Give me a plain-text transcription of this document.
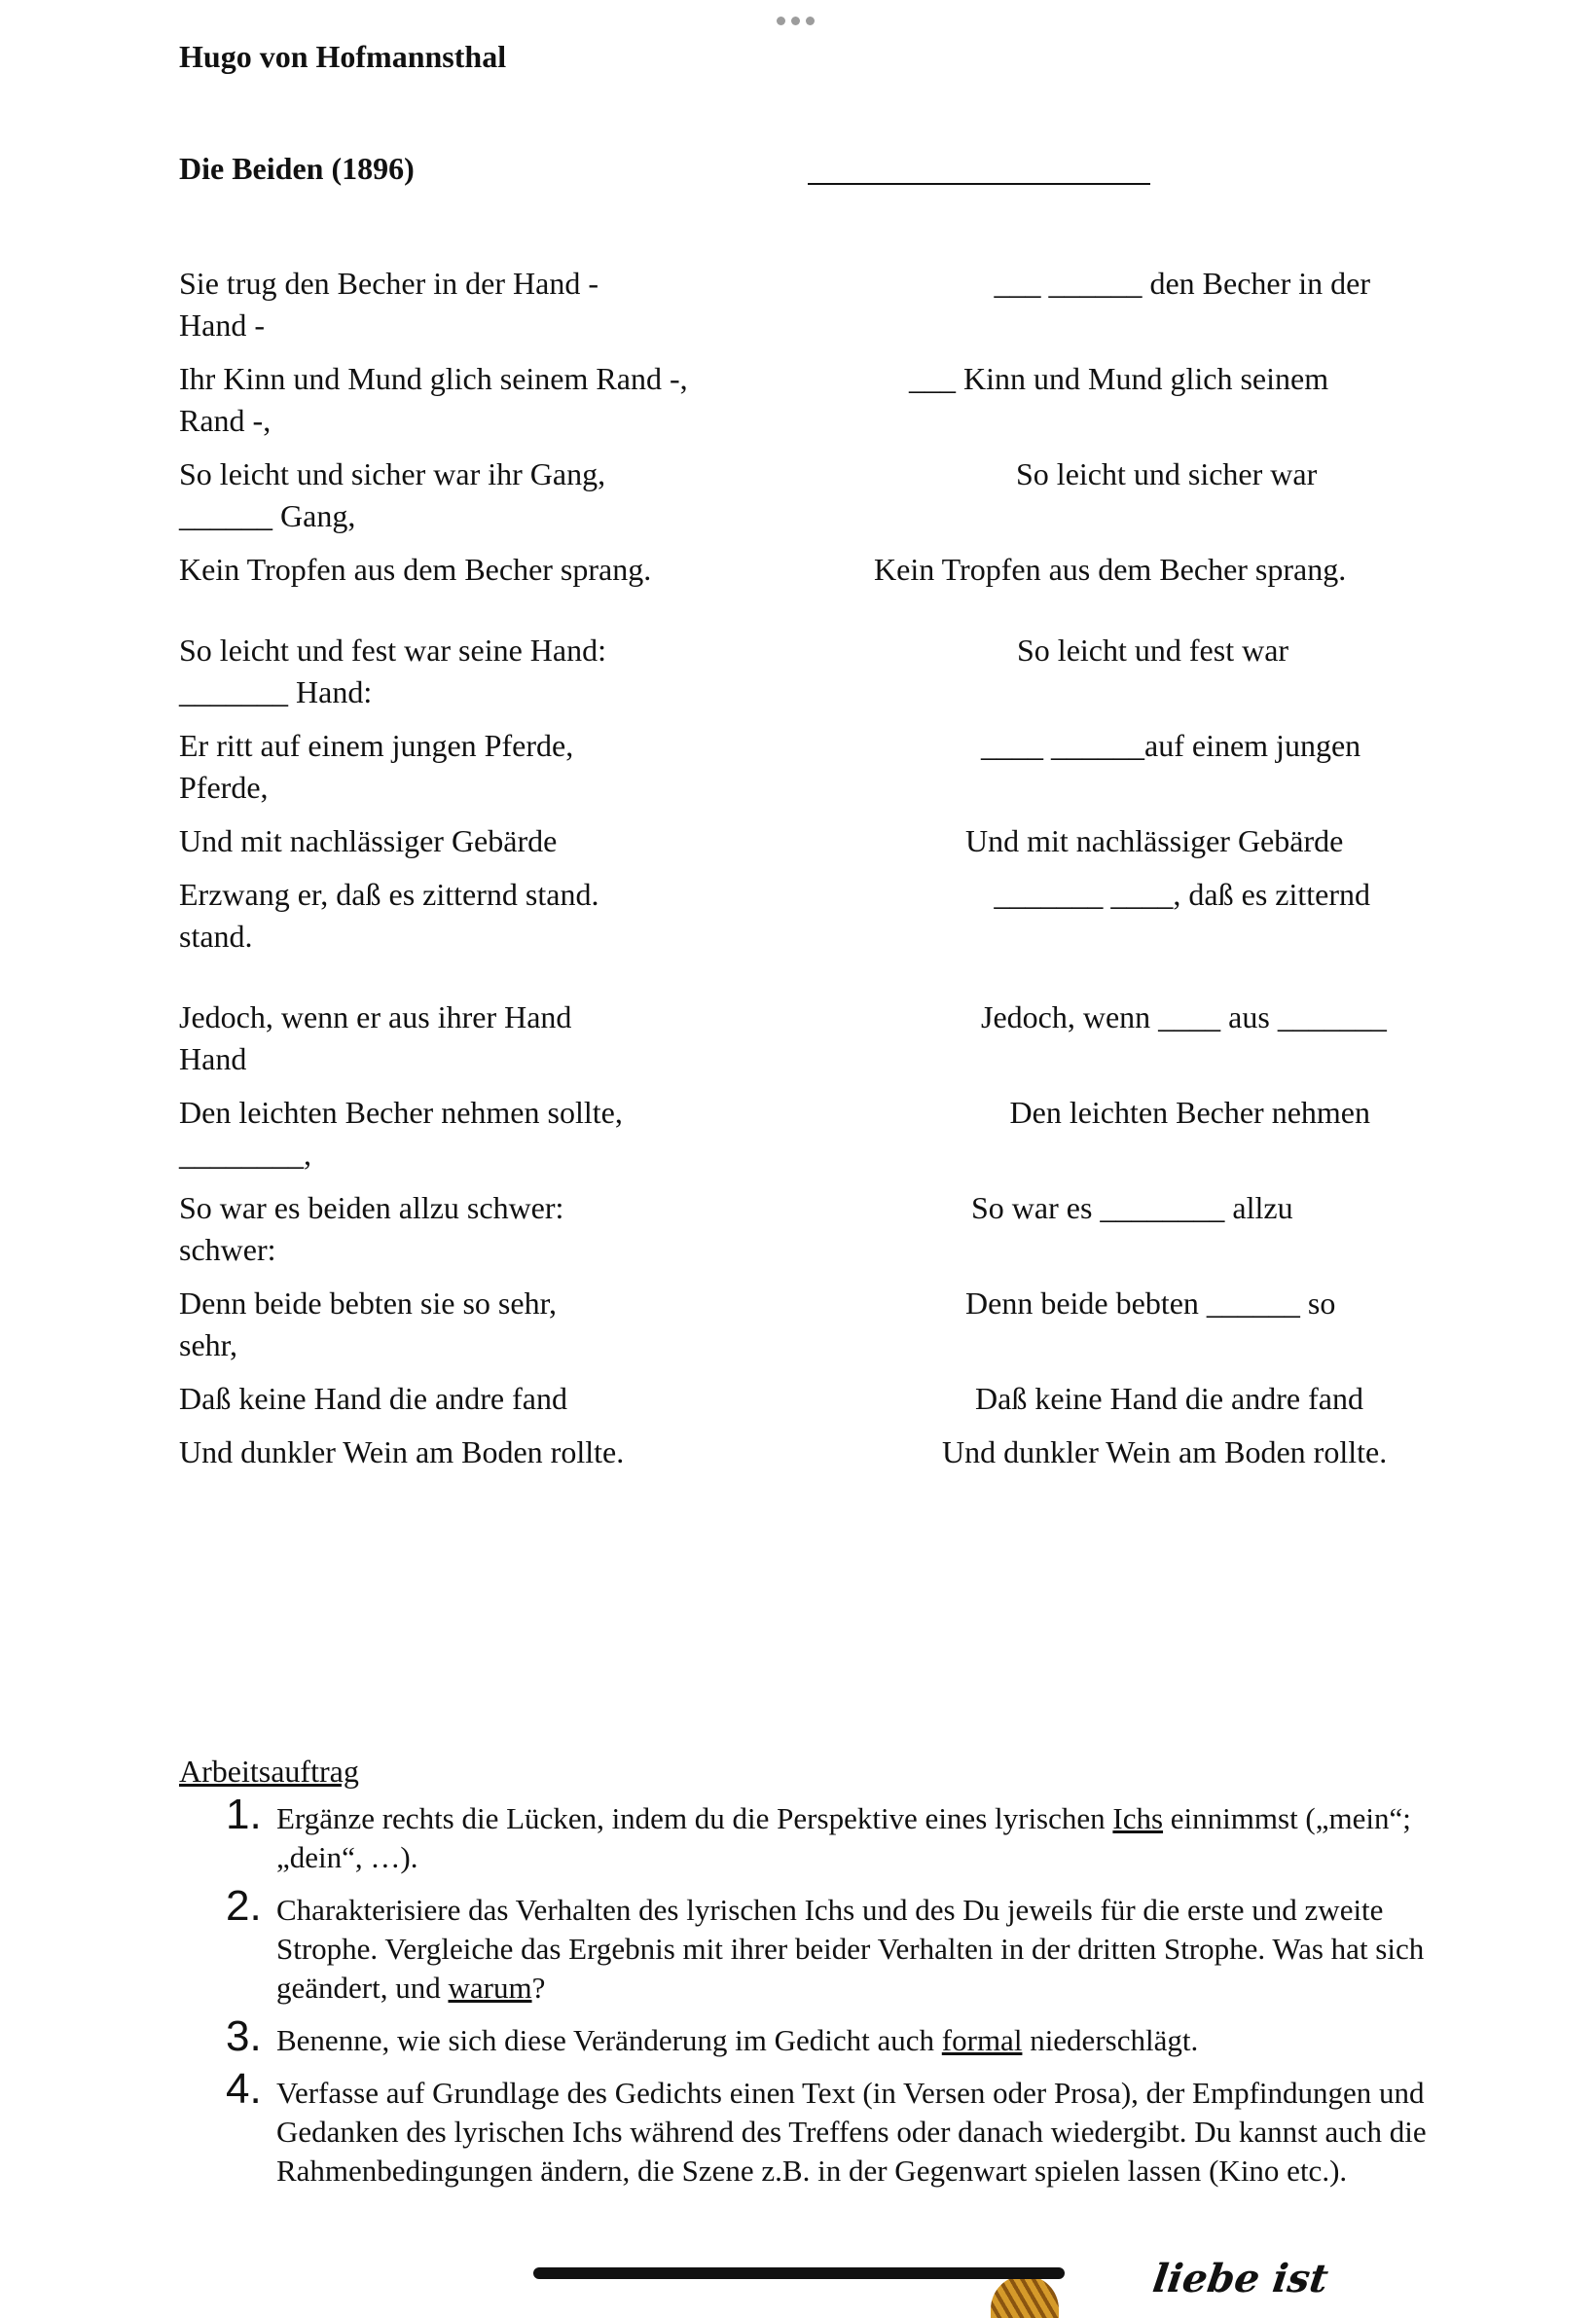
Hugo von Hofmannsthal
Die Beiden (1896)
Sie trug den Becher in der Hand -
Hand -
Ihr Kinn und Mund glich seinem Rand -,
Rand -,
So leicht und sicher war ihr Gang,
______ Gang,
Kein Tropfen aus dem Becher sprang.
So leicht und fest war seine Hand:
_______ Hand:
Er ritt auf einem jungen Pferde,
Pferde,
Und mit nachlässiger Gebärde
Erzwang er, daß es zitternd stand.
stand.
Jedoch, wenn er aus ihrer Hand
Hand
Den leichten Becher nehmen sollte,
________,
So war es beiden allzu schwer:
schwer:
Denn beide bebten sie so sehr,
sehr,
Daß keine Hand die andre fand
Und dunkler Wein am Boden rollte.
___ ______ den Becher in der
___ Kinn und Mund glich seinem
So leicht und sicher war
Kein Tropfen aus dem Becher sprang.
So leicht und fest war
____ ______auf einem jungen
Und mit nachlässiger Gebärde
_______ ____, daß es zitternd
Jedoch, wenn ____ aus _______
Den leichten Becher nehmen
So war es ________ allzu
Denn beide bebten ______ so
Daß keine Hand die andre fand
Und dunkler Wein am Boden rollte.
Arbeitsauftrag
1. Ergänze rechts die Lücken, indem du die Perspektive eines lyrischen Ichs einnimmst („mein“; „dein“, …).
2. Charakterisiere das Verhalten des lyrischen Ichs und des Du jeweils für die erste und zweite Strophe. Vergleiche das Ergebnis mit ihrer beider Verhalten in der dritten Strophe. Was hat sich geändert, und warum?
3. Benenne, wie sich diese Veränderung im Gedicht auch formal niederschlägt.
4. Verfasse auf Grundlage des Gedichts einen Text (in Versen oder Prosa), der Empfindungen und Gedanken des lyrischen Ichs während des Treffens oder danach wiedergibt. Du kannst auch die Rahmenbedingungen ändern, die Szene z.B. in der Gegenwart spielen lassen (Kino etc.).
liebe ist
